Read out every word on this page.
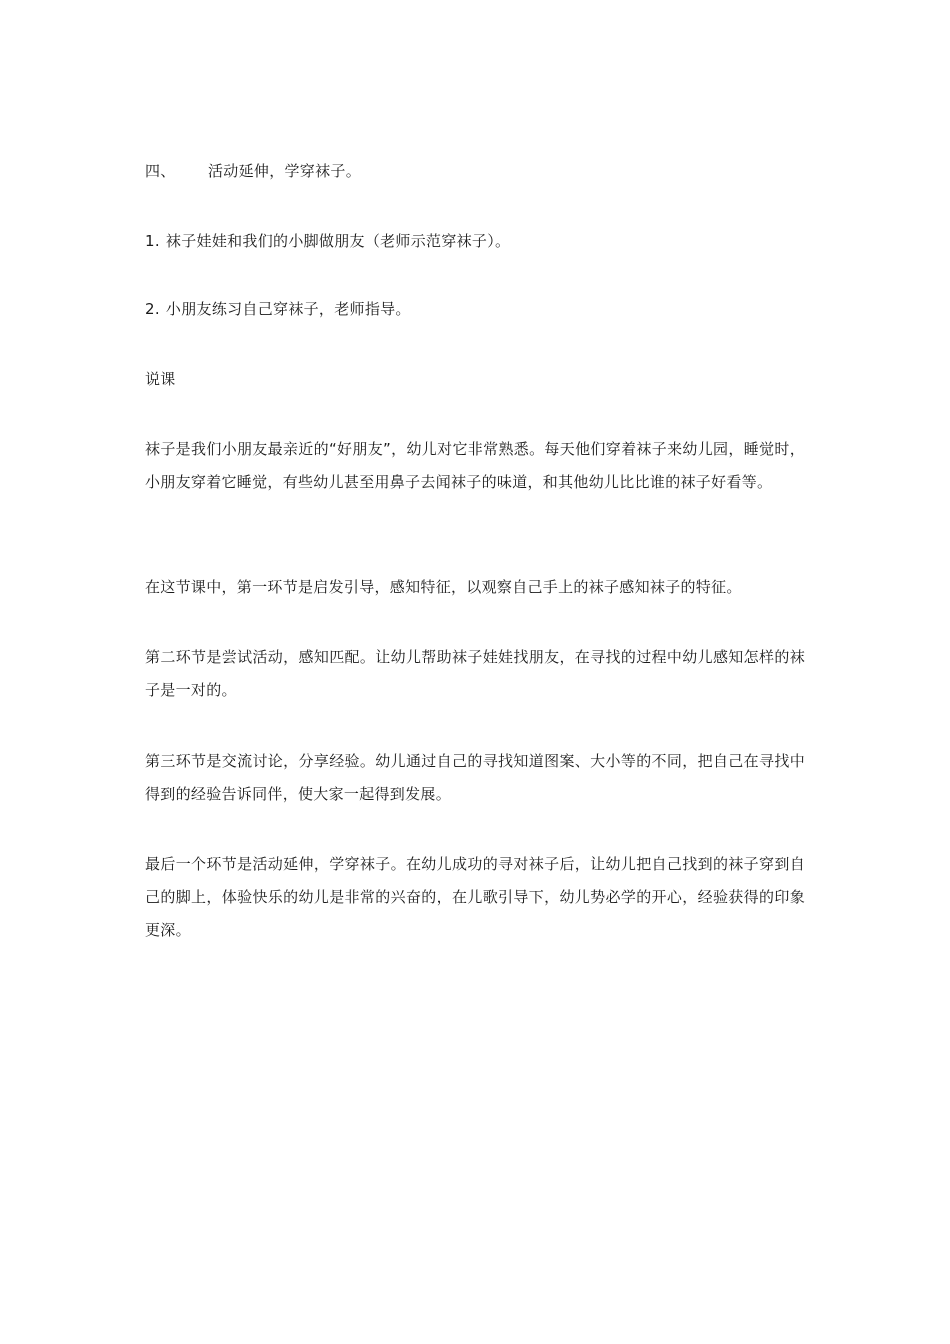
四、 活动延伸，学穿袜子。

1. 袜子娃娃和我们的小脚做朋友（老师示范穿袜子）。

2. 小朋友练习自己穿袜子，老师指导。

说课

袜子是我们小朋友最亲近的“好朋友”，幼儿对它非常熟悉。每天他们穿着袜子来幼儿园，睡觉时，小朋友穿着它睡觉，有些幼儿甚至用鼻子去闻袜子的味道，和其他幼儿比比谁的袜子好看等。

在这节课中，第一环节是启发引导，感知特征，以观察自己手上的袜子感知袜子的特征。

第二环节是尝试活动，感知匹配。让幼儿帮助袜子娃娃找朋友，在寻找的过程中幼儿感知怎样的袜子是一对的。

第三环节是交流讨论，分享经验。幼儿通过自己的寻找知道图案、大小等的不同，把自己在寻找中得到的经验告诉同伴，使大家一起得到发展。

最后一个环节是活动延伸，学穿袜子。在幼儿成功的寻对袜子后，让幼儿把自己找到的袜子穿到自己的脚上，体验快乐的幼儿是非常的兴奋的，在儿歌引导下，幼儿势必学的开心，经验获得的印象更深。
